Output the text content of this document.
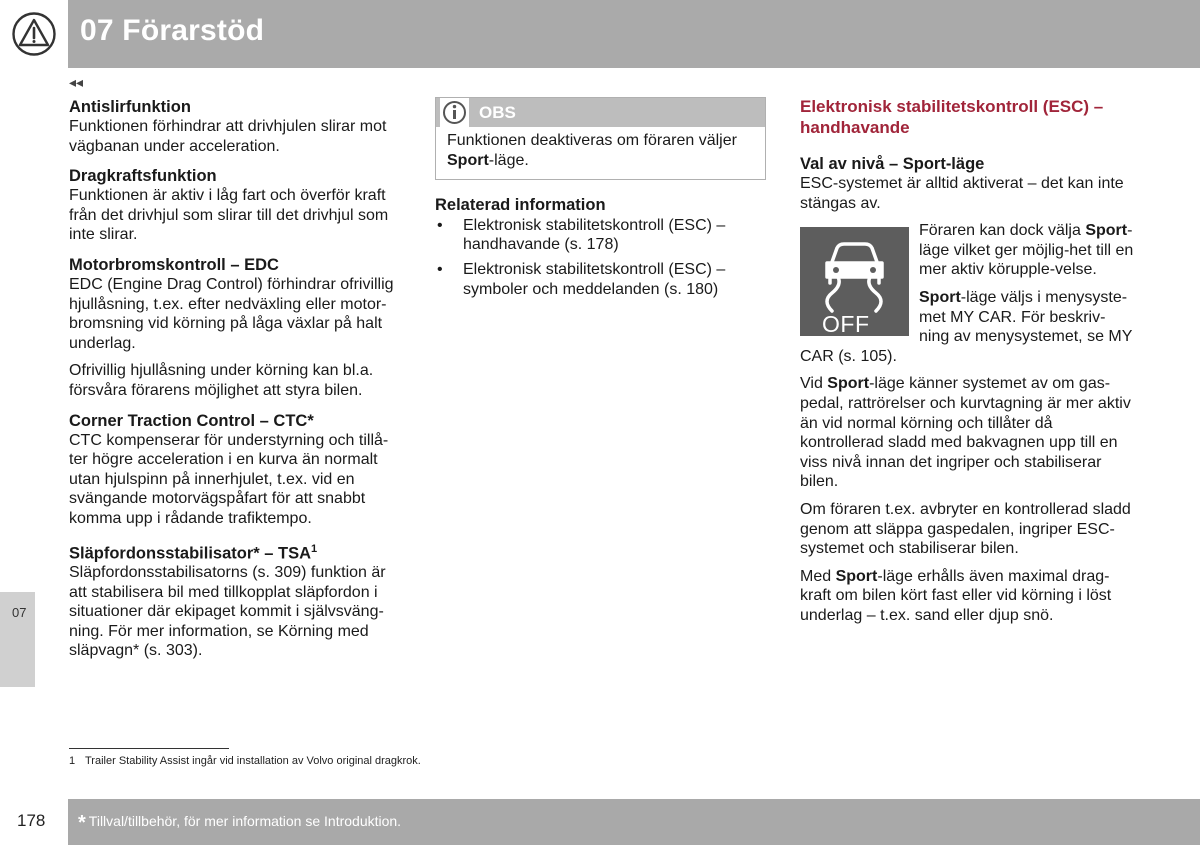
07 Förarstöd
◂◂
07
Antislirfunktion

Funktionen förhindrar att drivhjulen slirar mot vägbanan under acceleration.

Dragkraftsfunktion

Funktionen är aktiv i låg fart och överför kraft från det drivhjul som slirar till det drivhjul som inte slirar.

Motorbromskontroll – EDC

EDC (Engine Drag Control) förhindrar ofrivillig hjullåsning, t.ex. efter nedväxling eller motor-bromsning vid körning på låga växlar på halt underlag.

Ofrivillig hjullåsning under körning kan bl.a. försvåra förarens möjlighet att styra bilen.

Corner Traction Control – CTC*

CTC kompenserar för understyrning och tillå-ter högre acceleration i en kurva än normalt utan hjulspinn på innerhjulet, t.ex. vid en svängande motorvägspåfart för att snabbt komma upp i rådande trafiktempo.

Släpfordonsstabilisator* – TSA$^1$

Släpfordonsstabilisatorns (s. 309) funktion är att stabilisera bil med tillkopplat släpfordon i situationer där ekipaget kommit i självsväng-ning. För mer information, se Körning med släpvagn* (s. 303).

OBS
Funktionen deaktiveras om föraren väljer Sport-läge.
Relaterad information
•	Elektronisk stabilitetskontroll (ESC) – handhavande (s. 178)
•	Elektronisk stabilitetskontroll (ESC) – symboler och meddelanden (s. 180)
Elektronisk stabilitetskontroll (ESC) – handhavande
Val av nivå – Sport-läge

ESC-systemet är alltid aktiverat – det kan inte stängas av.

OFF

Föraren kan dock välja Sport-läge vilket ger möjlig-het till en mer aktiv körupple-velse.

Sport-läge väljs i menysyste-met MY CAR. För beskriv-ning av menysystemet, se MY CAR (s. 105).

Vid Sport-läge känner systemet av om gas-pedal, rattrörelser och kurvtagning är mer aktiv än vid normal körning och tillåter då kontrollerad sladd med bakvagnen upp till en viss nivå innan det ingriper och stabiliserar bilen.

Om föraren t.ex. avbryter en kontrollerad sladd genom att släppa gaspedalen, ingriper ESC-systemet och stabiliserar bilen.

Med Sport-läge erhålls även maximal drag-kraft om bilen kört fast eller vid körning i löst underlag – t.ex. sand eller djup snö.

1 Trailer Stability Assist ingår vid installation av Volvo original dragkrok.
178	* Tillval/tillbehör, för mer information se Introduktion.
